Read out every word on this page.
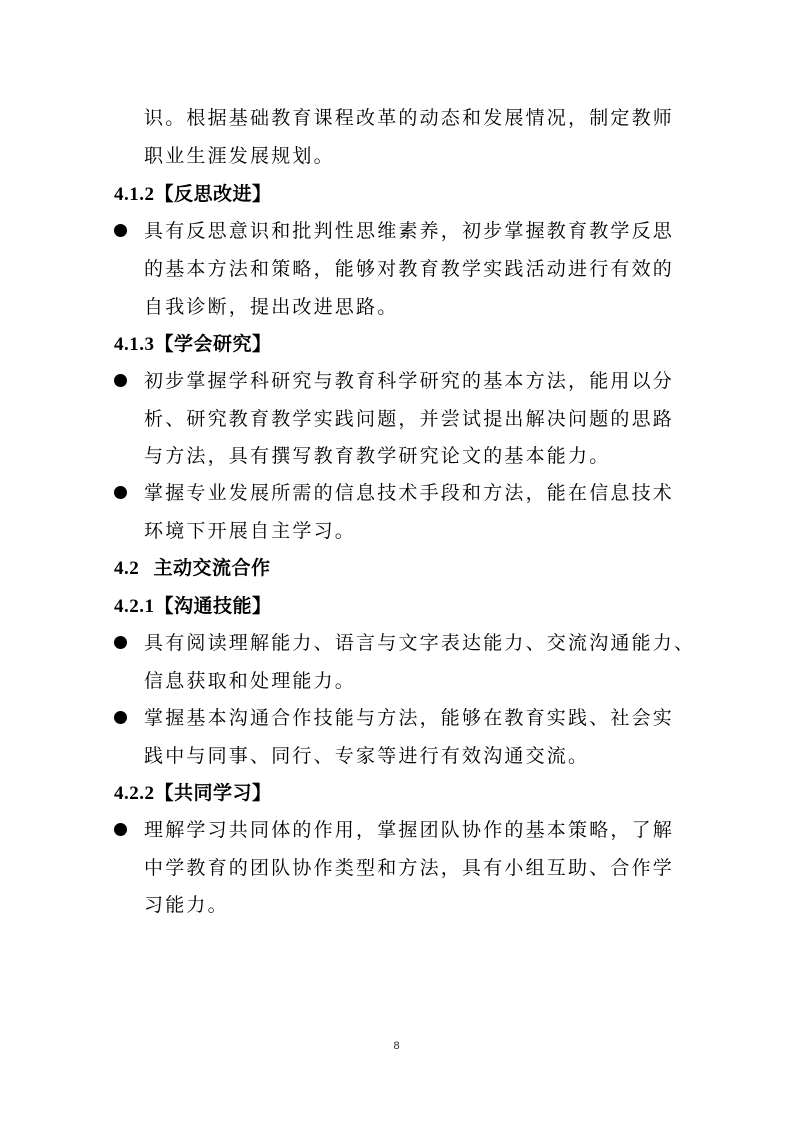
识。根据基础教育课程改革的动态和发展情况，制定教师
职业生涯发展规划。
4.1.2【反思改进】
具有反思意识和批判性思维素养，初步掌握教育教学反思
的基本方法和策略，能够对教育教学实践活动进行有效的
自我诊断，提出改进思路。
4.1.3【学会研究】
初步掌握学科研究与教育科学研究的基本方法，能用以分
析、研究教育教学实践问题，并尝试提出解决问题的思路
与方法，具有撰写教育教学研究论文的基本能力。
掌握专业发展所需的信息技术手段和方法，能在信息技术
环境下开展自主学习。
4.2 主动交流合作
4.2.1【沟通技能】
具有阅读理解能力、语言与文字表达能力、交流沟通能力、
信息获取和处理能力。
掌握基本沟通合作技能与方法，能够在教育实践、社会实
践中与同事、同行、专家等进行有效沟通交流。
4.2.2【共同学习】
理解学习共同体的作用，掌握团队协作的基本策略，了解
中学教育的团队协作类型和方法，具有小组互助、合作学
习能力。
8
